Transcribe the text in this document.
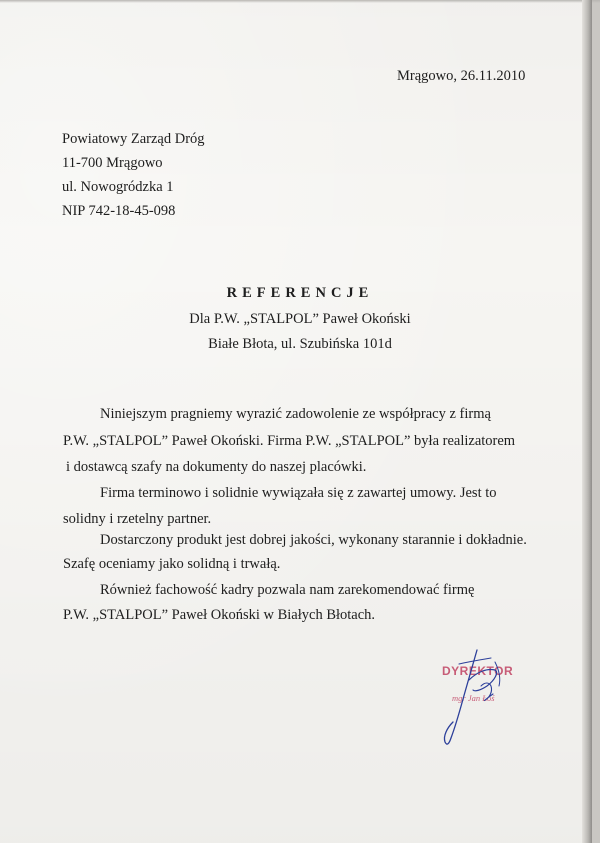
Mrągowo, 26.11.2010
Powiatowy Zarząd Dróg
11-700 Mrągowo
ul. Nowogródzka 1
NIP 742-18-45-098
REFERENCJE
Dla P.W. „STALPOL” Paweł Okoński
Białe Błota, ul. Szubińska 101d
Niniejszym pragniemy wyrazić zadowolenie ze współpracy z firmą
P.W. „STALPOL” Paweł Okoński. Firma P.W. „STALPOL” była realizatorem
i dostawcą szafy na dokumenty do naszej placówki.
Firma terminowo i solidnie wywiązała się z zawartej umowy. Jest to
solidny i rzetelny partner.
Dostarczony produkt jest dobrej jakości, wykonany starannie i dokładnie.
Szafę oceniamy jako solidną i trwałą.
Również fachowość kadry pozwala nam zarekomendować firmę
P.W. „STALPOL” Paweł Okoński w Białych Błotach.
DYREKTOR
mgr Jan Łoś
